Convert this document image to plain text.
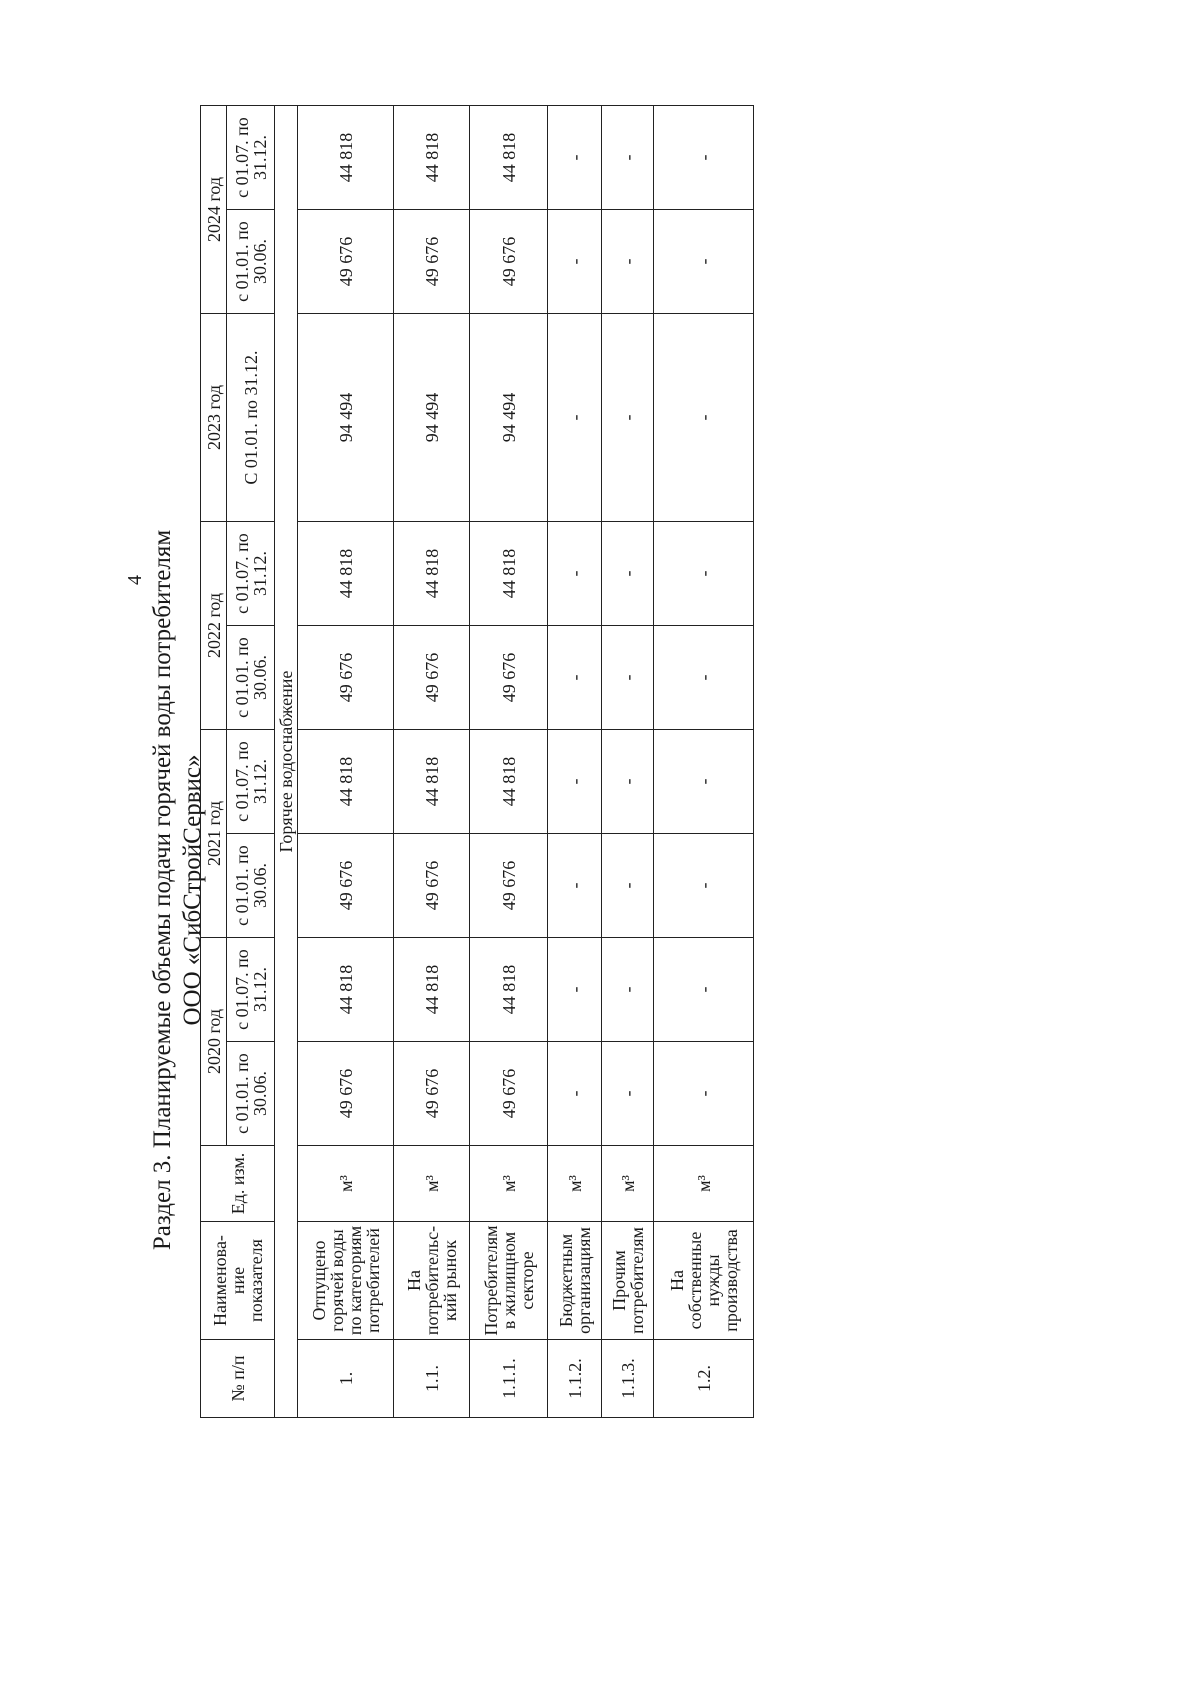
4 Раздел 3. Планируемые объемы подачи горячей воды потребителям ООО «СибСтройСервис»
№ п/п	Наименова-ние показателя	Ед. изм.	2020 год		2021 год		2022 год		2023 год	2024 год	
			с 01.01. по 30.06.	с 01.07. по 31.12.	с 01.01. по 30.06.	с 01.07. по 31.12.	с 01.01. по 30.06.	с 01.07. по 31.12.	С 01.01. по 31.12.	с 01.01. по 30.06.	с 01.07. по 31.12.
Горячее водоснабжение											
1.	Отпущено горячей воды по категориям потребителей	м³	49 676	44 818	49 676	44 818	49 676	44 818	94 494	49 676	44 818
1.1.	На потребительс-кий рынок	м³	49 676	44 818	49 676	44 818	49 676	44 818	94 494	49 676	44 818
1.1.1.	Потребителям в жилищном секторе	м³	49 676	44 818	49 676	44 818	49 676	44 818	94 494	49 676	44 818
1.1.2.	Бюджетным организациям	м³	-	-	-	-	-	-	-	-	-
1.1.3.	Прочим потребителям	м³	-	-	-	-	-	-	-	-	-
1.2.	На собственные нужды производства	м³	-	-	-	-	-	-	-	-	-
